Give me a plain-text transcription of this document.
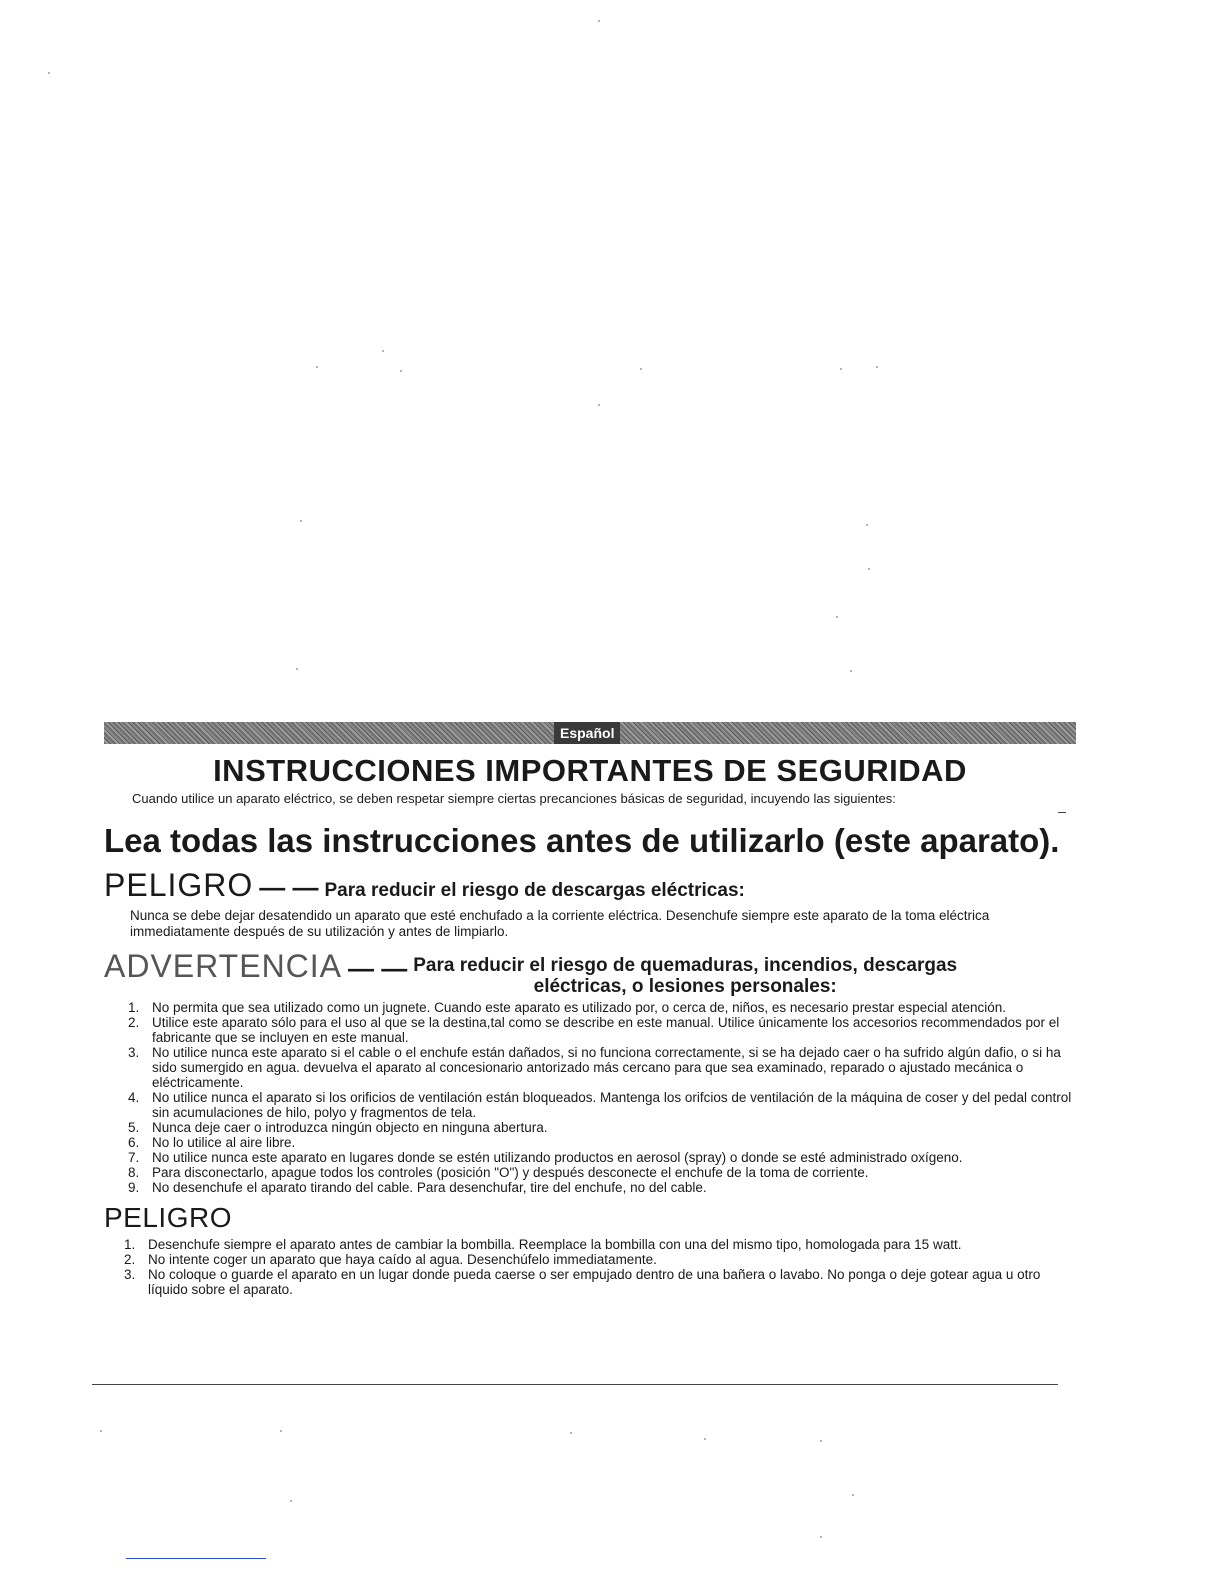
Español
INSTRUCCIONES IMPORTANTES DE SEGURIDAD

Cuando utilice un aparato eléctrico, se deben respetar siempre ciertas precanciones básicas de seguridad, incuyendo las siguientes:

Lea todas las instrucciones antes de utilizarlo (este aparato).

PELIGRO — — Para reducir el riesgo de descargas eléctricas:

Nunca se debe dejar desatendido un aparato que esté enchufado a la corriente eléctrica. Desenchufe siempre este aparato de la toma eléctrica immediatamente después de su utilización y antes de limpiarlo.

ADVERTENCIA — — Para reducir el riesgo de quemaduras, incendios, descargas
eléctricas, o lesiones personales:
1. No permita que sea utilizado como un jugnete. Cuando este aparato es utilizado por, o cerca de, niños, es necesario prestar especial atención.
2. Utilice este aparato sólo para el uso al que se la destina,tal como se describe en este manual. Utilice únicamente los accesorios recommendados por el fabricante que se incluyen en este manual.
3. No utilice nunca este aparato si el cable o el enchufe están dañados, si no funciona correctamente, si se ha dejado caer o ha sufrido algún dafio, o si ha sido sumergido en agua. devuelva el aparato al concesionario antorizado más cercano para que sea examinado, reparado o ajustado mecánica o eléctricamente.
4. No utilice nunca el aparato si los orificios de ventilación están bloqueados. Mantenga los orifcios de ventilación de la máquina de coser y del pedal control sin acumulaciones de hilo, polyo y fragmentos de tela.
5. Nunca deje caer o introduzca ningún objecto en ninguna abertura.
6. No lo utilice al aire libre.
7. No utilice nunca este aparato en lugares donde se estén utilizando productos en aerosol (spray) o donde se esté administrado oxígeno.
8. Para disconectarlo, apague todos los controles (posición "O") y después desconecte el enchufe de la toma de corriente.
9. No desenchufe el aparato tirando del cable. Para desenchufar, tire del enchufe, no del cable.
PELIGRO
1. Desenchufe siempre el aparato antes de cambiar la bombilla. Reemplace la bombilla con una del mismo tipo, homologada para 15 watt.
2. No intente coger un aparato que haya caído al agua. Desenchúfelo immediatamente.
3. No coloque o guarde el aparato en un lugar donde pueda caerse o ser empujado dentro de una bañera o lavabo. No ponga o deje gotear agua u otro líquido sobre el aparato.
